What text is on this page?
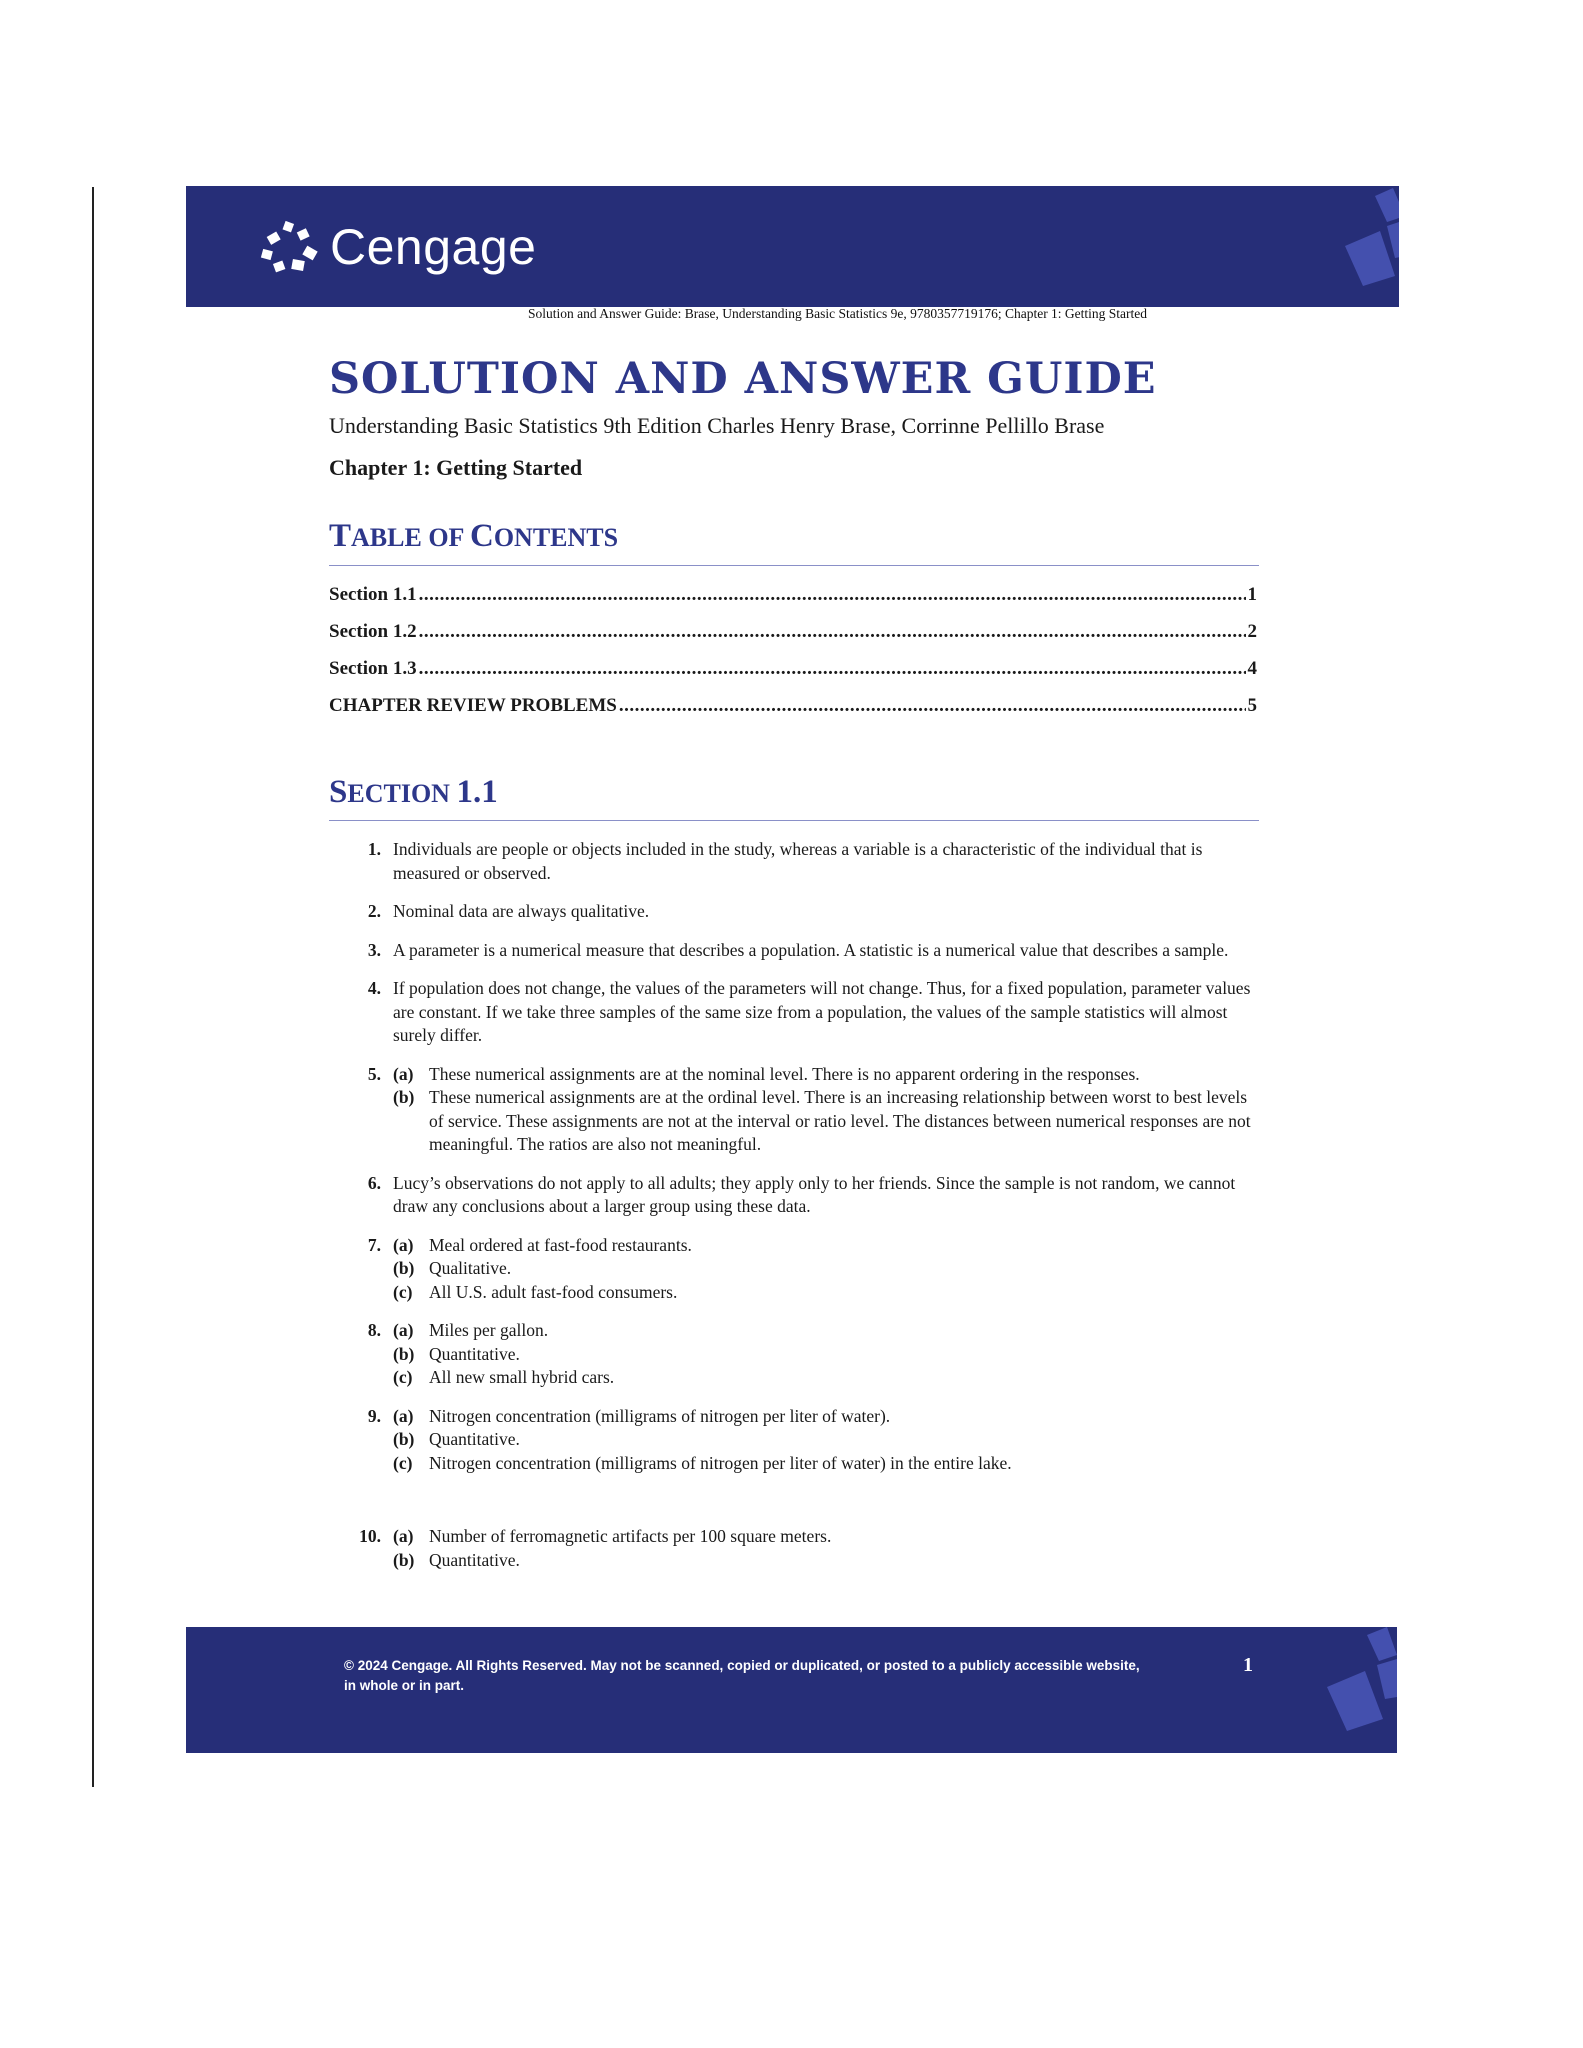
Cengage
Solution and Answer Guide: Brase, Understanding Basic Statistics 9e, 9780357719176; Chapter 1: Getting Started
SOLUTION AND ANSWER GUIDE
Understanding Basic Statistics 9th Edition Charles Henry Brase, Corrinne Pellillo Brase
Chapter 1: Getting Started
TABLE OF CONTENTS
Section 1.1 .....	1
Section 1.2 .....	2
Section 1.3 .....	4
CHAPTER REVIEW PROBLEMS .....	5
SECTION 1.1
1. Individuals are people or objects included in the study, whereas a variable is a characteristic of the individual that is measured or observed.
2. Nominal data are always qualitative.
3. A parameter is a numerical measure that describes a population. A statistic is a numerical value that describes a sample.
4. If population does not change, the values of the parameters will not change. Thus, for a fixed population, parameter values are constant. If we take three samples of the same size from a population, the values of the sample statistics will almost surely differ.
5. (a) These numerical assignments are at the nominal level. There is no apparent ordering in the responses.
(b) These numerical assignments are at the ordinal level. There is an increasing relationship between worst to best levels of service. These assignments are not at the interval or ratio level. The distances between numerical responses are not meaningful. The ratios are also not meaningful.
6. Lucy’s observations do not apply to all adults; they apply only to her friends. Since the sample is not random, we cannot draw any conclusions about a larger group using these data.
7. (a) Meal ordered at fast-food restaurants.
(b) Qualitative.
(c) All U.S. adult fast-food consumers.
8. (a) Miles per gallon.
(b) Quantitative.
(c) All new small hybrid cars.
9. (a) Nitrogen concentration (milligrams of nitrogen per liter of water).
(b) Quantitative.
(c) Nitrogen concentration (milligrams of nitrogen per liter of water) in the entire lake.
10. (a) Number of ferromagnetic artifacts per 100 square meters.
(b) Quantitative.
© 2024 Cengage. All Rights Reserved. May not be scanned, copied or duplicated, or posted to a publicly accessible website, in whole or in part.
1
